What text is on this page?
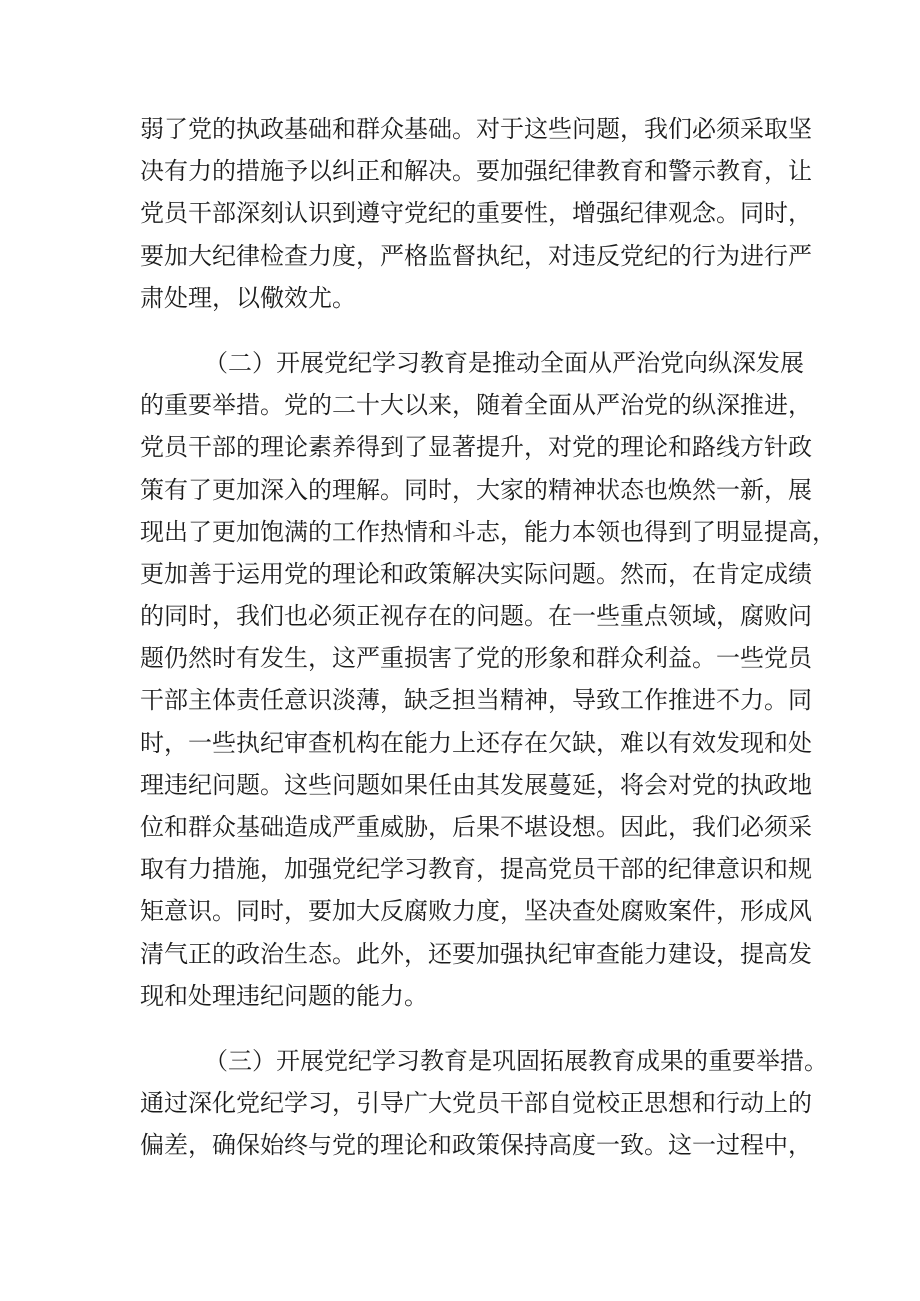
弱了党的执政基础和群众基础。对于这些问题，我们必须采取坚
决有力的措施予以纠正和解决。要加强纪律教育和警示教育，让
党员干部深刻认识到遵守党纪的重要性，增强纪律观念。同时，
要加大纪律检查力度，严格监督执纪，对违反党纪的行为进行严
肃处理，以儆效尤。
（二）开展党纪学习教育是推动全面从严治党向纵深发展
的重要举措。党的二十大以来，随着全面从严治党的纵深推进，
党员干部的理论素养得到了显著提升，对党的理论和路线方针政
策有了更加深入的理解。同时，大家的精神状态也焕然一新，展
现出了更加饱满的工作热情和斗志，能力本领也得到了明显提高，
更加善于运用党的理论和政策解决实际问题。然而，在肯定成绩
的同时，我们也必须正视存在的问题。在一些重点领域，腐败问
题仍然时有发生，这严重损害了党的形象和群众利益。一些党员
干部主体责任意识淡薄，缺乏担当精神，导致工作推进不力。同
时，一些执纪审查机构在能力上还存在欠缺，难以有效发现和处
理违纪问题。这些问题如果任由其发展蔓延，将会对党的执政地
位和群众基础造成严重威胁，后果不堪设想。因此，我们必须采
取有力措施，加强党纪学习教育，提高党员干部的纪律意识和规
矩意识。同时，要加大反腐败力度，坚决查处腐败案件，形成风
清气正的政治生态。此外，还要加强执纪审查能力建设，提高发
现和处理违纪问题的能力。
（三）开展党纪学习教育是巩固拓展教育成果的重要举措。
通过深化党纪学习，引导广大党员干部自觉校正思想和行动上的
偏差，确保始终与党的理论和政策保持高度一致。这一过程中，
